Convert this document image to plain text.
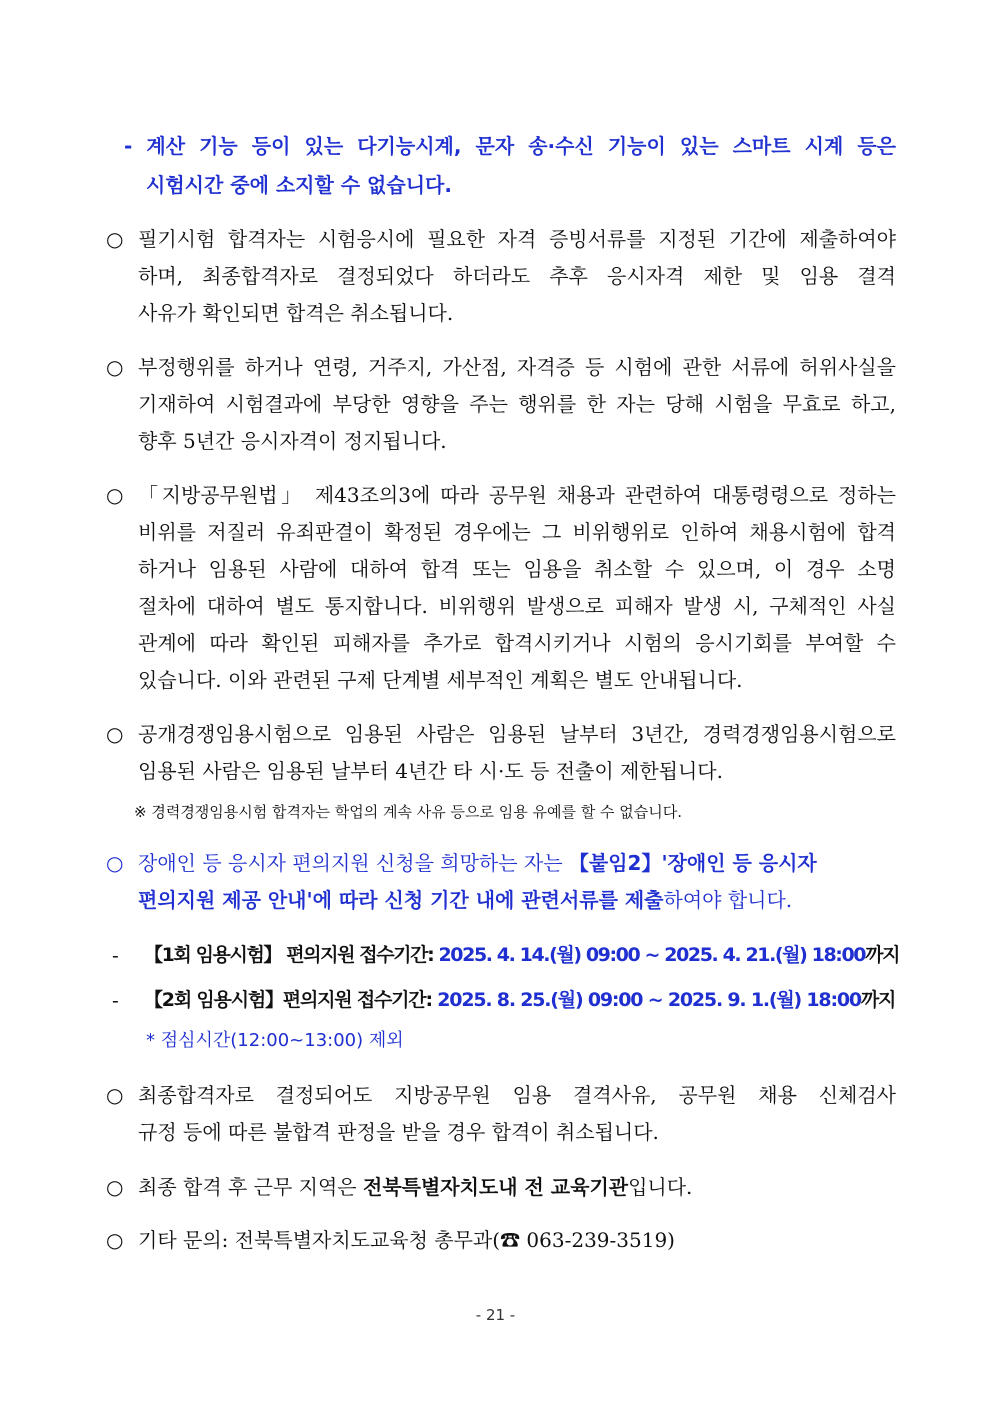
- 계산 기능 등이 있는 다기능시계, 문자 송·수신 기능이 있는 스마트 시계 등은
시험시간 중에 소지할 수 없습니다.
○ 필기시험 합격자는 시험응시에 필요한 자격 증빙서류를 지정된 기간에 제출하여야
하며, 최종합격자로 결정되었다 하더라도 추후 응시자격 제한 및 임용 결격
사유가 확인되면 합격은 취소됩니다.
○ 부정행위를 하거나 연령, 거주지, 가산점, 자격증 등 시험에 관한 서류에 허위사실을
기재하여 시험결과에 부당한 영향을 주는 행위를 한 자는 당해 시험을 무효로 하고,
향후 5년간 응시자격이 정지됩니다.
○ 「지방공무원법」 제43조의3에 따라 공무원 채용과 관련하여 대통령령으로 정하는
비위를 저질러 유죄판결이 확정된 경우에는 그 비위행위로 인하여 채용시험에 합격
하거나 임용된 사람에 대하여 합격 또는 임용을 취소할 수 있으며, 이 경우 소명
절차에 대하여 별도 통지합니다. 비위행위 발생으로 피해자 발생 시, 구체적인 사실
관계에 따라 확인된 피해자를 추가로 합격시키거나 시험의 응시기회를 부여할 수
있습니다. 이와 관련된 구제 단계별 세부적인 계획은 별도 안내됩니다.
○ 공개경쟁임용시험으로 임용된 사람은 임용된 날부터 3년간, 경력경쟁임용시험으로
임용된 사람은 임용된 날부터 4년간 타 시·도 등 전출이 제한됩니다.
※ 경력경쟁임용시험 합격자는 학업의 계속 사유 등으로 임용 유예를 할 수 없습니다.
○ 장애인 등 응시자 편의지원 신청을 희망하는 자는 【붙임2】'장애인 등 응시자
편의지원 제공 안내'에 따라 신청 기간 내에 관련서류를 제출하여야 합니다.
- 【1회 임용시험】 편의지원 접수기간: 2025. 4. 14.(월) 09:00 ~ 2025. 4. 21.(월) 18:00까지
- 【2회 임용시험】편의지원 접수기간: 2025. 8. 25.(월) 09:00 ~ 2025. 9. 1.(월) 18:00까지
* 점심시간(12:00~13:00) 제외
○ 최종합격자로 결정되어도 지방공무원 임용 결격사유, 공무원 채용 신체검사
규정 등에 따른 불합격 판정을 받을 경우 합격이 취소됩니다.
○ 최종 합격 후 근무 지역은 전북특별자치도내 전 교육기관입니다.
○ 기타 문의: 전북특별자치도교육청 총무과(☎ 063-239-3519)
- 21 -
